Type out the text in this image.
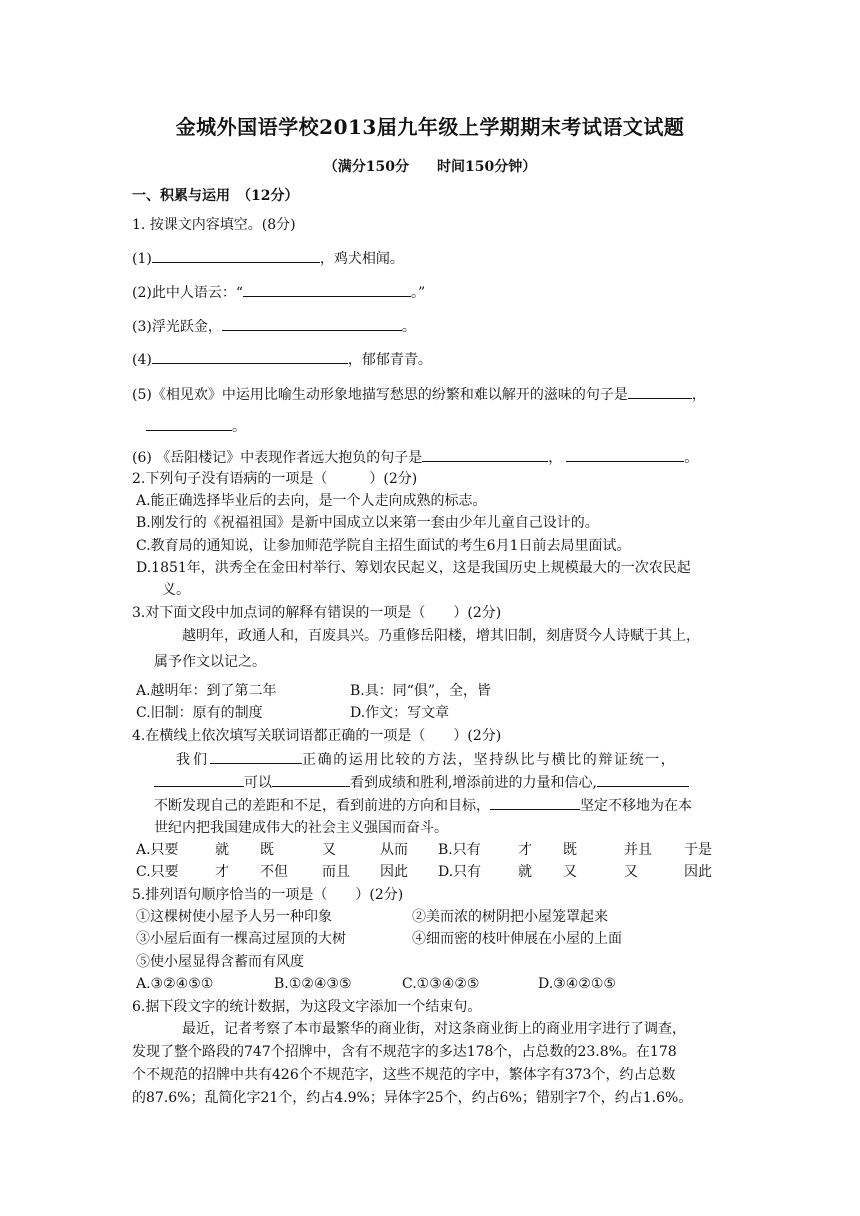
金城外国语学校2013届九年级上学期期末考试语文试题
（满分150分　　时间150分钟）
一、积累与运用　（12分）
1. 按课文内容填空。(8分)
(1)	，鸡犬相闻。
(2)此中人语云：“	。”
(3)浮光跃金，	。
(4)	，郁郁青青。
(5)《相见欢》中运用比喻生动形象地描写愁思的纷繁和难以解开的滋味的句子是	，
。
(6) 《岳阳楼记》中表现作者远大抱负的句子是	，	。
2.下列句子没有语病的一项是（　　　）(2分)
A.能正确选择毕业后的去向，是一个人走向成熟的标志。
B.刚发行的《祝福祖国》是新中国成立以来第一套由少年儿童自己设计的。
C.教育局的通知说，让参加师范学院自主招生面试的考生6月1日前去局里面试。
D.1851年，洪秀全在金田村举行、筹划农民起义，这是我国历史上规模最大的一次农民起
义。
3.对下面文段中加点词的解释有错误的一项是（　　）(2分)
越明年，政通人和，百废具兴。乃重修岳阳楼，增其旧制，刻唐贤今人诗赋于其上，
属予作文以记之。
A.越明年：到了第二年	B.具：同“俱”，全，皆
C.旧制：原有的制度	D.作文：写文章
4.在横线上依次填写关联词语都正确的一项是（　　）(2分)
我们	正确的运用比较的方法，坚持纵比与横比的辩证统一，
可以	看到成绩和胜利,增添前进的力量和信心,
不断发现自己的差距和不足，看到前进的方向和目标，	坚定不移地为在本
世纪内把我国建成伟大的社会主义强国而奋斗。
A.只要	就 既	又	从而 B.只有	才 既	并且 于是
C.只要	才 不但 而且 因此 D.只有	就 又	又	因此
5.排列语句顺序恰当的一项是（　　）(2分)
①这棵树使小屋予人另一种印象	②美而浓的树阴把小屋笼罩起来
③小屋后面有一棵高过屋顶的大树	④细而密的枝叶伸展在小屋的上面
⑤使小屋显得含蓄而有风度
A.③②④⑤①	B.①②④③⑤	C.①③④②⑤	D.③④②①⑤
6.据下段文字的统计数据，为这段文字添加一个结束句。
最近，记者考察了本市最繁华的商业街，对这条商业街上的商业用字进行了调查，
发现了整个路段的747个招牌中，含有不规范字的多达178个，占总数的23.8%。在178
个不规范的招牌中共有426个不规范字，这些不规范的字中，繁体字有373个，约占总数
的87.6%；乱简化字21个，约占4.9%；异体字25个，约占6%；错别字7个，约占1.6%。
